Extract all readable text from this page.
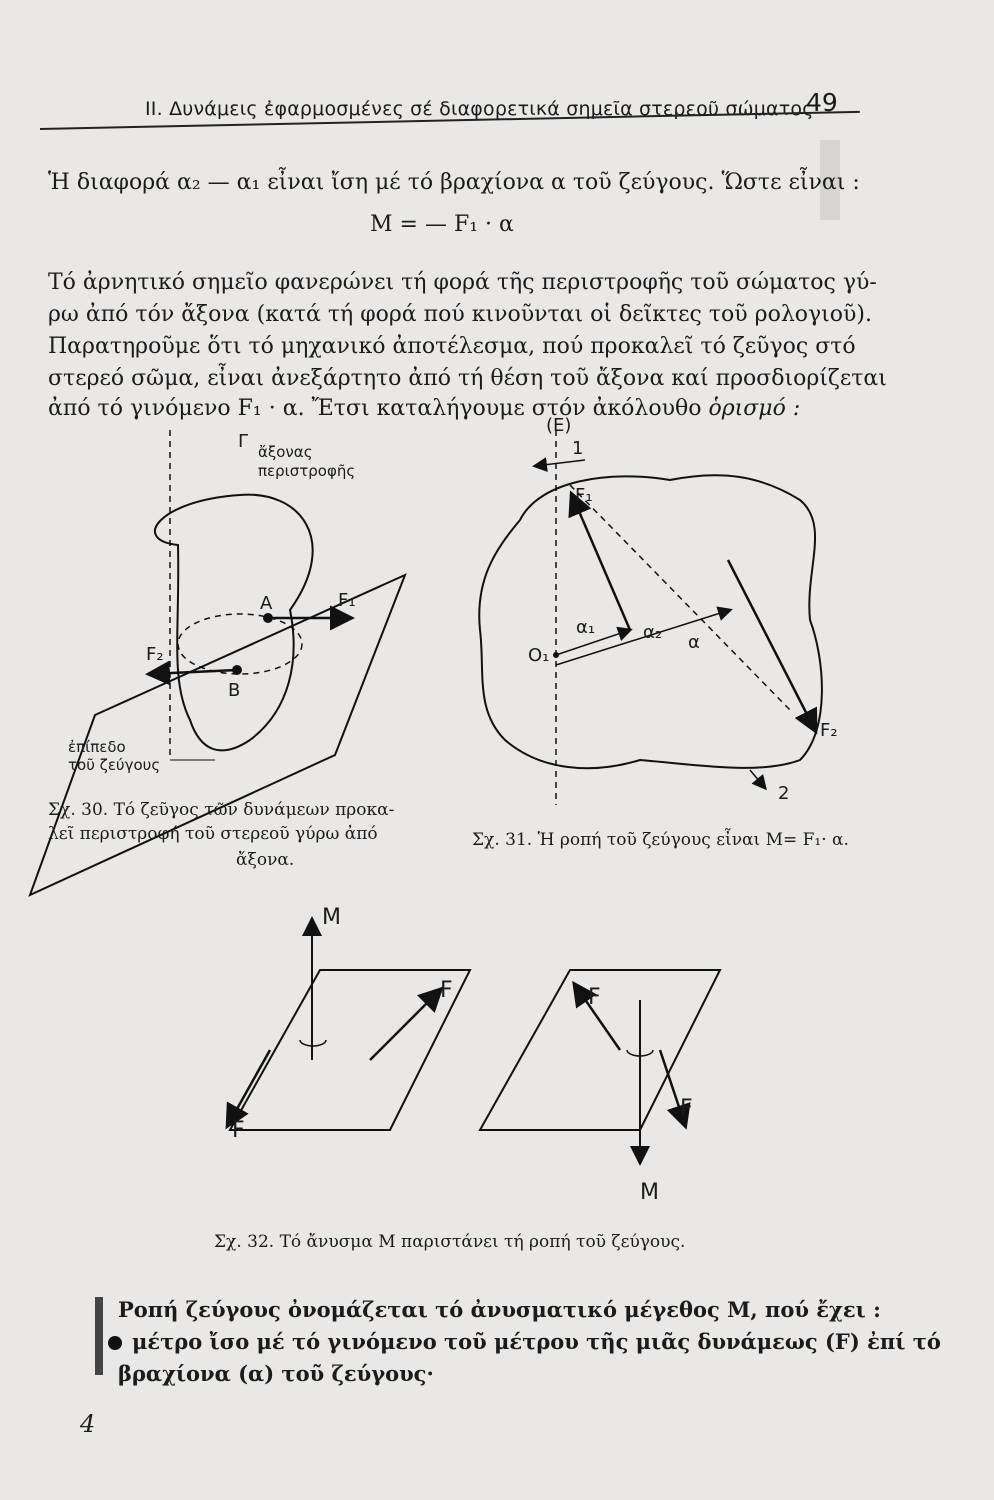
II. Δυνάμεις ἐφαρμοσμένες σέ διαφορετικά σημεῖα στερεοῦ σώματος
49
Ἡ διαφορά α₂ — α₁ εἶναι ἴση μέ τό βραχίονα α τοῦ ζεύγους. Ὥστε εἶναι :
M = — F₁ · α
Τό ἀρνητικό σημεῖο φανερώνει τή φορά τῆς περιστροφῆς τοῦ σώματος γύ-
ρω ἀπό τόν ἄξονα (κατά τή φορά πού κινοῦνται οἱ δεῖκτες τοῦ ρολογιοῦ).
Παρατηροῦμε ὅτι τό μηχανικό ἀποτέλεσμα, πού προκαλεῖ τό ζεῦγος στό
στερεό σῶμα, εἶναι ἀνεξάρτητο ἀπό τή θέση τοῦ ἄξονα καί προσδιορίζεται
ἀπό τό γινόμενο F₁ · α. Ἔτσι καταλήγουμε στόν ἀκόλουθο ὁρισμό :
Γ ἄξονας
περιστροφῆς
A
B
F₁
F₂
ἐπίπεδο
τοῦ ζεύγους
Σχ. 30. Τό ζεῦγος τῶν δυνάμεων προκα-
λεῖ περιστροφή τοῦ στερεοῦ γύρω ἀπό
ἄξονα.
(E)
1
F₁
F₂
O₁
α₁	α₂ α
2
Σχ. 31. Ἡ ροπή τοῦ ζεύγους εἶναι M= F₁· α.
M
F
F
F
F
M
Σχ. 32. Τό ἄνυσμα M παριστάνει τή ροπή τοῦ ζεύγους.
Ροπή ζεύγους ὀνομάζεται τό ἀνυσματικό μέγεθος M, πού ἔχει :
μέτρο ἴσο μέ τό γινόμενο τοῦ μέτρου τῆς μιᾶς δυνάμεως (F) ἐπί τό
βραχίονα (α) τοῦ ζεύγους·
4
